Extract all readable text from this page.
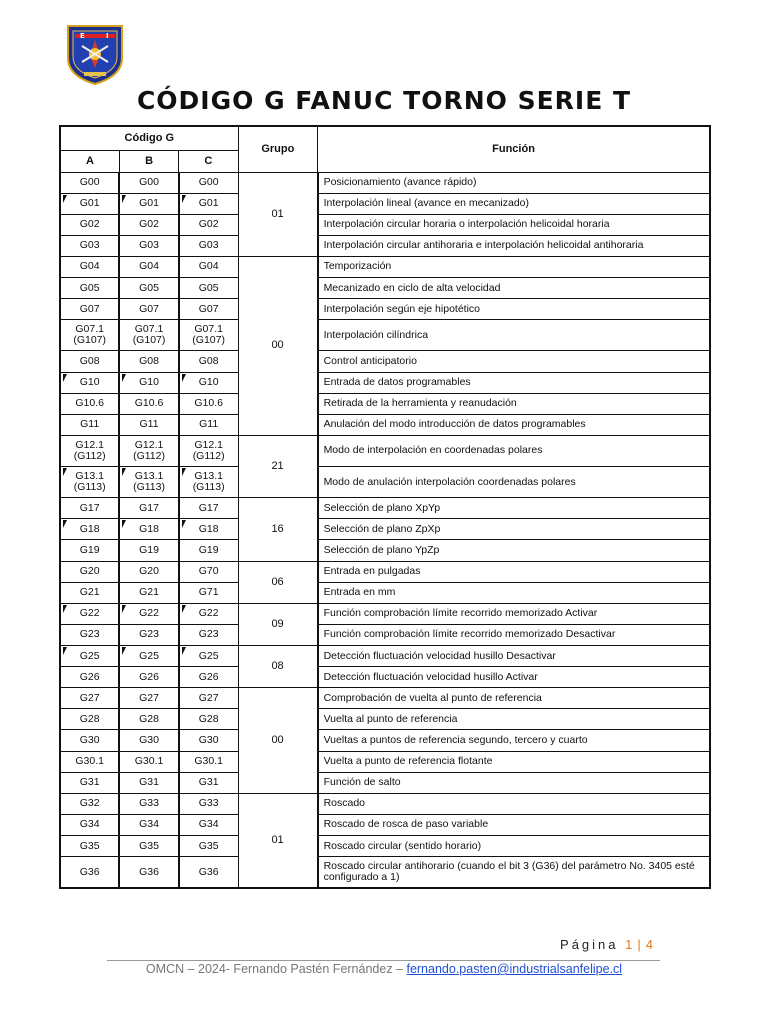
E	I
CÓDIGO G FANUC TORNO SERIE T
Código G			Grupo	Función
A	B	C		
G00	G00	G00	01	Posicionamiento (avance rápido)
G01	G01	G01		Interpolación lineal (avance en mecanizado)
G02	G02	G02		Interpolación circular horaria o interpolación helicoidal horaria
G03	G03	G03		Interpolación circular antihoraria e interpolación helicoidal antihoraria
G04	G04	G04	00	Temporización
G05	G05	G05		Mecanizado en ciclo de alta velocidad
G07	G07	G07		Interpolación según eje hipotético
G07.1 (G107)	G07.1 (G107)	G07.1 (G107)		Interpolación cilíndrica
G08	G08	G08		Control anticipatorio
G10	G10	G10		Entrada de datos programables
G10.6	G10.6	G10.6		Retirada de la herramienta y reanudación
G11	G11	G11		Anulación del modo introducción de datos programables
G12.1 (G112)	G12.1 (G112)	G12.1 (G112)	21	Modo de interpolación en coordenadas polares
G13.1 (G113)	G13.1 (G113)	G13.1 (G113)		Modo de anulación interpolación coordenadas polares
G17	G17	G17	16	Selección de plano XpYp
G18	G18	G18		Selección de plano ZpXp
G19	G19	G19		Selección de plano YpZp
G20	G20	G70	06	Entrada en pulgadas
G21	G21	G71		Entrada en mm
G22	G22	G22	09	Función comprobación límite recorrido memorizado Activar
G23	G23	G23		Función comprobación límite recorrido memorizado Desactivar
G25	G25	G25	08	Detección fluctuación velocidad husillo Desactivar
G26	G26	G26		Detección fluctuación velocidad husillo Activar
G27	G27	G27	00	Comprobación de vuelta al punto de referencia
G28	G28	G28		Vuelta al punto de referencia
G30	G30	G30		Vueltas a puntos de referencia segundo, tercero y cuarto
G30.1	G30.1	G30.1		Vuelta a punto de referencia flotante
G31	G31	G31		Función de salto
G32	G33	G33	01	Roscado
G34	G34	G34		Roscado de rosca de paso variable
G35	G35	G35		Roscado circular (sentido horario)
G36	G36	G36		Roscado circular antihorario (cuando el bit 3 (G36) del parámetro No. 3405 esté configurado a 1)
Página 1 | 4
OMCN – 2024- Fernando Pastén Fernández – fernando.pasten@industrialsanfelipe.cl
